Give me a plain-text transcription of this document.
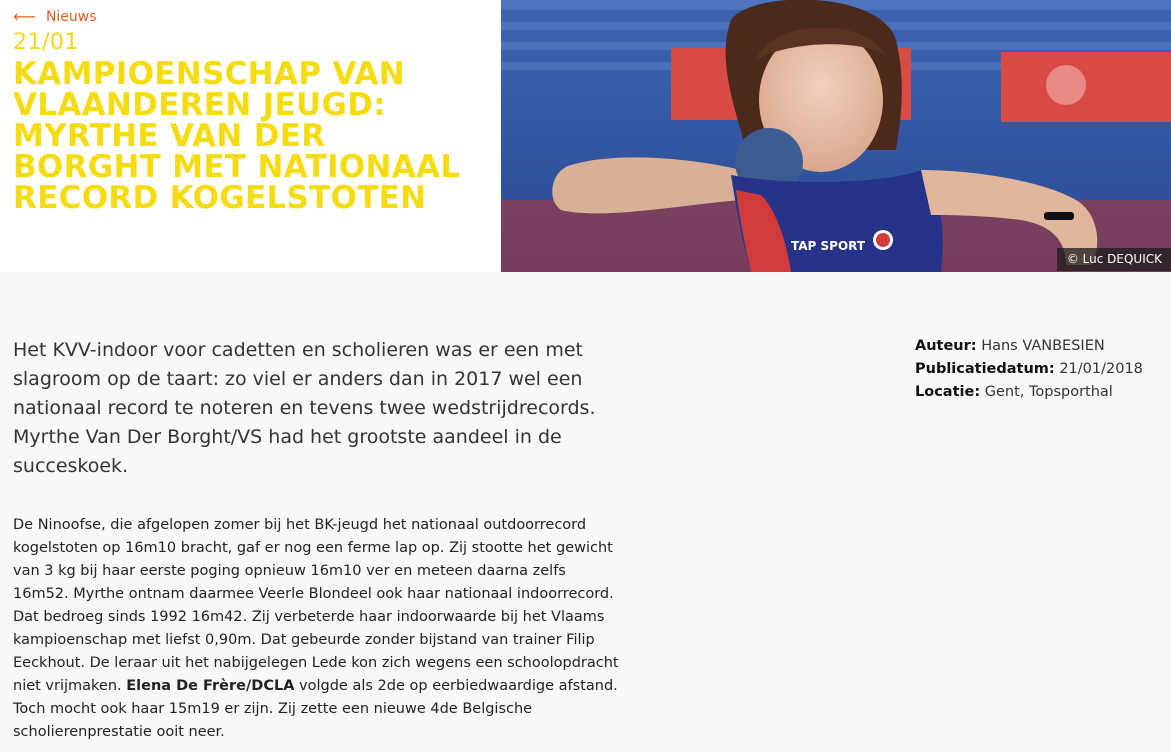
⟵ Nieuws
21/01
KAMPIOENSCHAP VAN VLAANDEREN JEUGD: MYRTHE VAN DER BORGHT MET NATIONAAL RECORD KOGELSTOTEN
TAP SPORT
© Luc DEQUICK

Het KVV-indoor voor cadetten en scholieren was er een met slagroom op de taart: zo viel er anders dan in 2017 wel een nationaal record te noteren en tevens twee wedstrijdrecords. Myrthe Van Der Borght/VS had het grootste aandeel in de succeskoek.

De Ninoofse, die afgelopen zomer bij het BK-jeugd het nationaal outdoorrecord kogelstoten op 16m10 bracht, gaf er nog een ferme lap op. Zij stootte het gewicht van 3 kg bij haar eerste poging opnieuw 16m10 ver en meteen daarna zelfs 16m52. Myrthe ontnam daarmee Veerle Blondeel ook haar nationaal indoorrecord. Dat bedroeg sinds 1992 16m42. Zij verbeterde haar indoorwaarde bij het Vlaams kampioenschap met liefst 0,90m. Dat gebeurde zonder bijstand van trainer Filip Eeckhout. De leraar uit het nabijgelegen Lede kon zich wegens een schoolopdracht niet vrijmaken. Elena De Frère/DCLA volgde als 2de op eerbiedwaardige afstand. Toch mocht ook haar 15m19 er zijn. Zij zette een nieuwe 4de Belgische scholierenprestatie ooit neer.

Auteur: Hans VANBESIEN
Publicatiedatum: 21/01/2018
Locatie: Gent, Topsporthal
